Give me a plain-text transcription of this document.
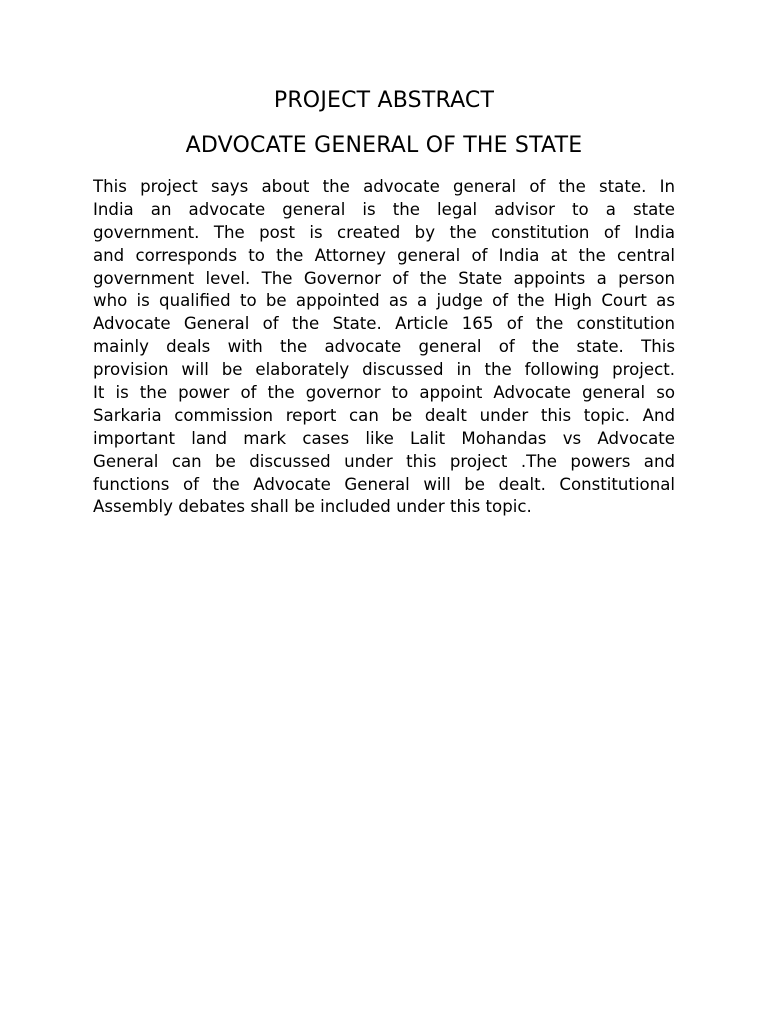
PROJECT ABSTRACT
ADVOCATE GENERAL OF THE STATE
This project says about the advocate general of the state. In
India an advocate general is the legal advisor to a state
government. The post is created by the constitution of India
and corresponds to the Attorney general of India at the central
government level. The Governor of the State appoints a person
who is qualified to be appointed as a judge of the High Court as
Advocate General of the State. Article 165 of the constitution
mainly deals with the advocate general of the state. This
provision will be elaborately discussed in the following project.
It is the power of the governor to appoint Advocate general so
Sarkaria commission report can be dealt under this topic. And
important land mark cases like Lalit Mohandas vs Advocate
General can be discussed under this project .The powers and
functions of the Advocate General will be dealt. Constitutional
Assembly debates shall be included under this topic.
